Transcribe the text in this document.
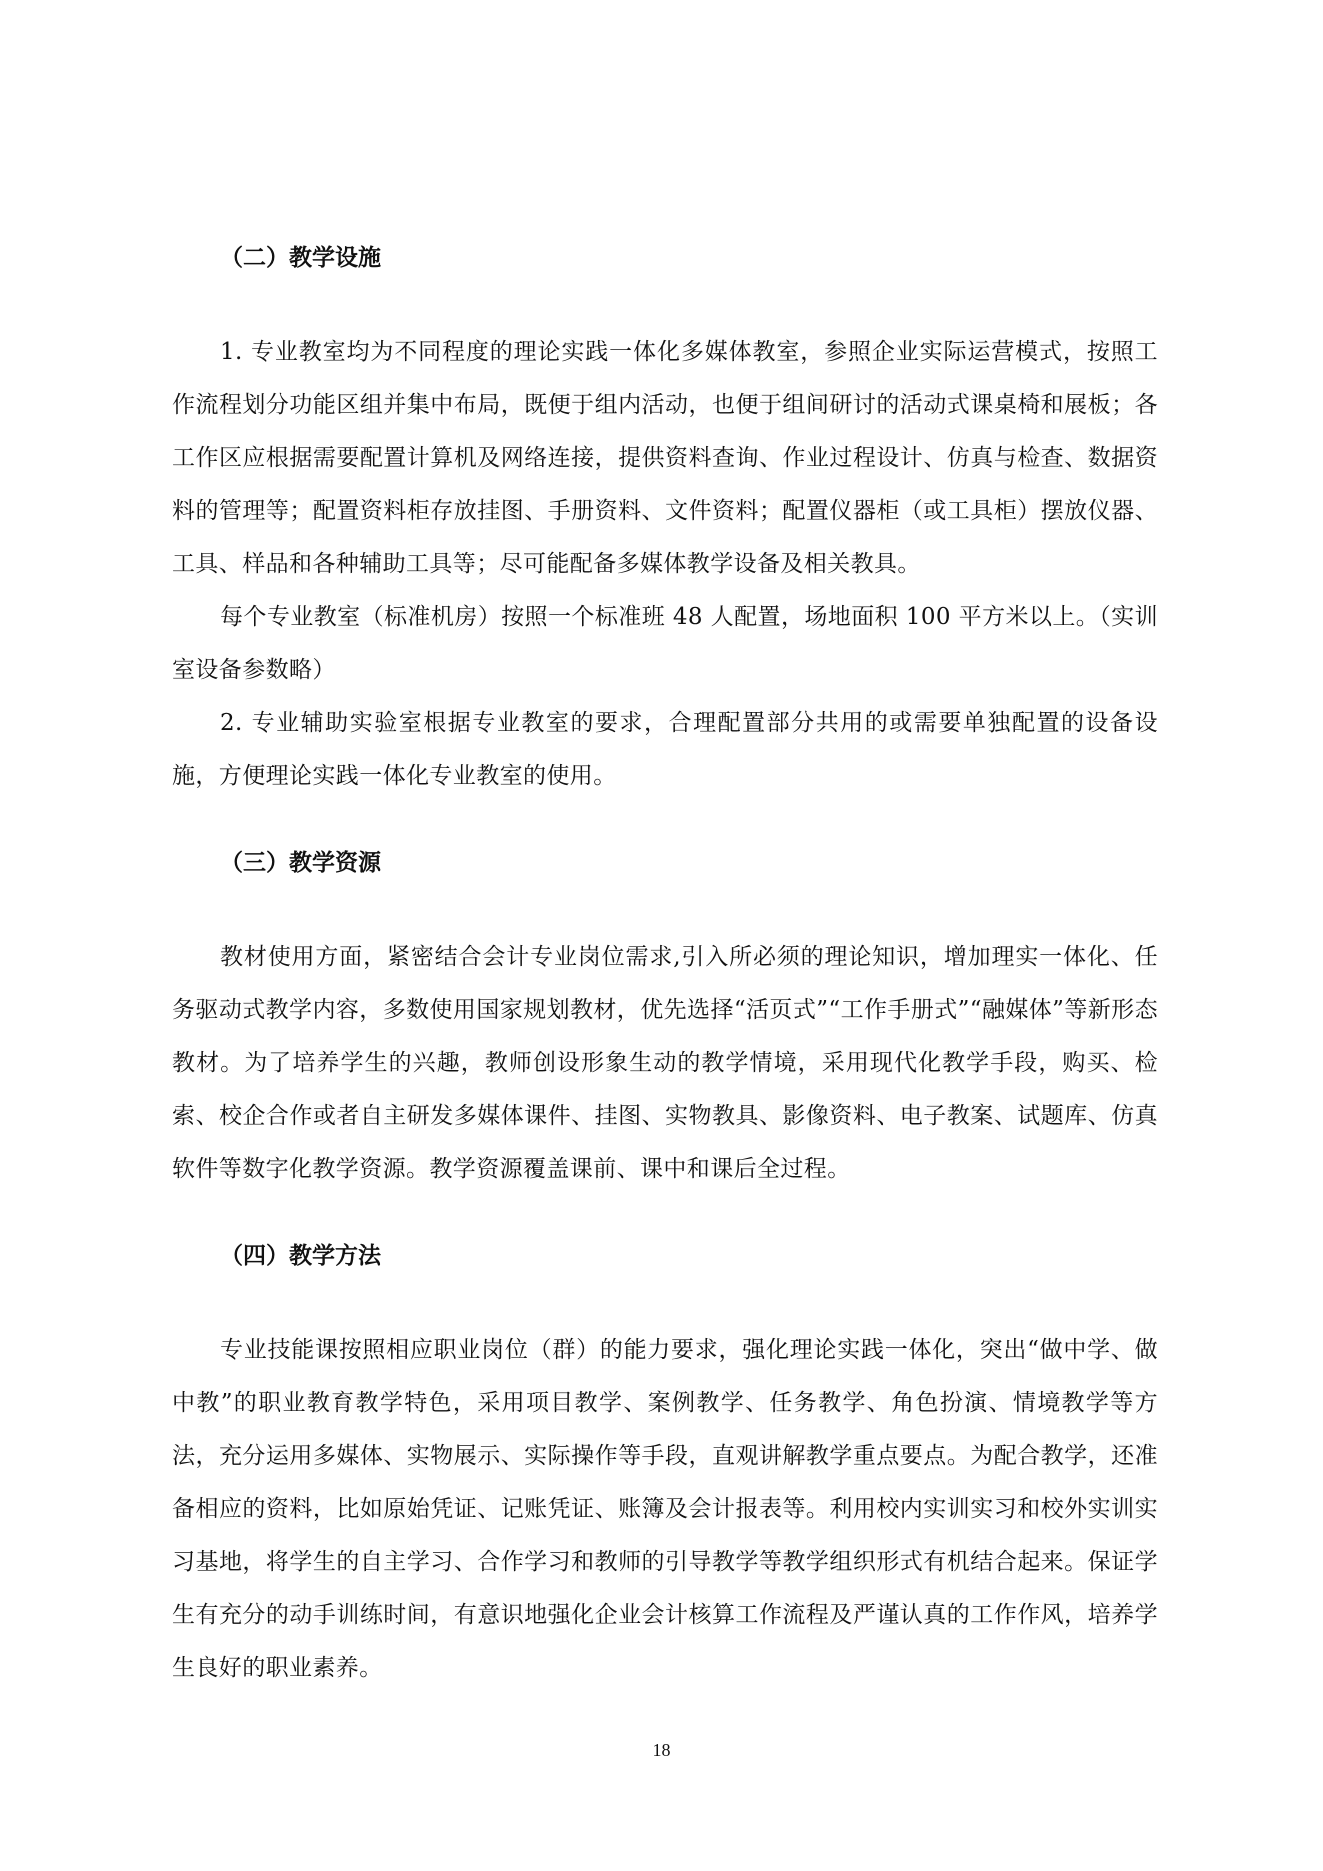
（二）教学设施

1. 专业教室均为不同程度的理论实践一体化多媒体教室，参照企业实际运营模式，按照工作流程划分功能区组并集中布局，既便于组内活动，也便于组间研讨的活动式课桌椅和展板；各工作区应根据需要配置计算机及网络连接，提供资料查询、作业过程设计、仿真与检查、数据资料的管理等；配置资料柜存放挂图、手册资料、文件资料；配置仪器柜（或工具柜）摆放仪器、工具、样品和各种辅助工具等；尽可能配备多媒体教学设备及相关教具。

每个专业教室（标准机房）按照一个标准班 48 人配置，场地面积 100 平方米以上。（实训室设备参数略）

2. 专业辅助实验室根据专业教室的要求，合理配置部分共用的或需要单独配置的设备设施，方便理论实践一体化专业教室的使用。

（三）教学资源

教材使用方面，紧密结合会计专业岗位需求,引入所必须的理论知识，增加理实一体化、任务驱动式教学内容，多数使用国家规划教材，优先选择“活页式”“工作手册式”“融媒体”等新形态教材。为了培养学生的兴趣，教师创设形象生动的教学情境，采用现代化教学手段，购买、检索、校企合作或者自主研发多媒体课件、挂图、实物教具、影像资料、电子教案、试题库、仿真软件等数字化教学资源。教学资源覆盖课前、课中和课后全过程。

（四）教学方法

专业技能课按照相应职业岗位（群）的能力要求，强化理论实践一体化，突出“做中学、做中教”的职业教育教学特色，采用项目教学、案例教学、任务教学、角色扮演、情境教学等方法，充分运用多媒体、实物展示、实际操作等手段，直观讲解教学重点要点。为配合教学，还准备相应的资料，比如原始凭证、记账凭证、账簿及会计报表等。利用校内实训实习和校外实训实习基地，将学生的自主学习、合作学习和教师的引导教学等教学组织形式有机结合起来。保证学生有充分的动手训练时间，有意识地强化企业会计核算工作流程及严谨认真的工作作风，培养学生良好的职业素养。

18
